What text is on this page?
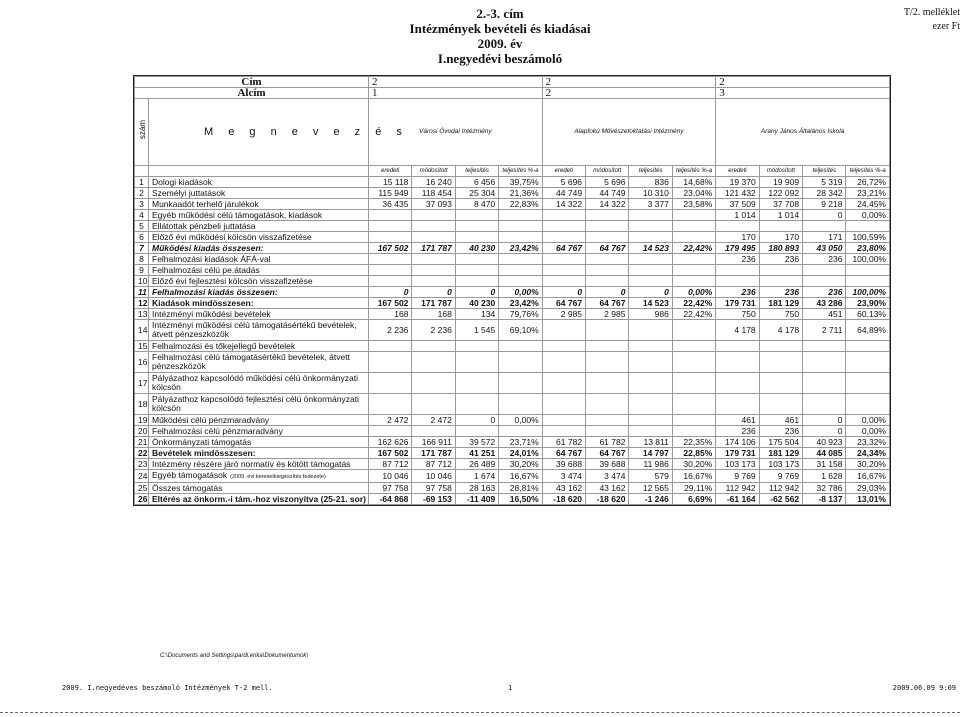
2.-3. cím
Intézmények bevételi és kiadásai
2009. év
I.negyedévi beszámoló
T/2. melléklet
ezer Ft
Cím		2				2				2			
Alcím		1				2				3			
szám	M e g n e v e z é s	Városi Óvodai Intézmény				Alapfokú Művészetoktatási Intézmény				Arany János Általános Iskola			
		eredeti	módosított	teljesítés	teljesítés %-a	eredeti	módosított	teljesítés	teljesítés %-a	eredeti	módosított	teljesítés	teljesítés %-a
1	Dologi kiadások	15 118	16 240	6 456	39,75%	5 696	5 696	836	14,68%	19 370	19 909	5 319	26,72%
2	Személyi juttatások	115 949	118 454	25 304	21,36%	44 749	44 749	10 310	23,04%	121 432	122 092	28 342	23,21%
3	Munkaadót terhelő járulékok	36 435	37 093	8 470	22,83%	14 322	14 322	3 377	23,58%	37 509	37 708	9 218	24,45%
4	Egyéb működési célú támogatások, kiadások									1 014	1 014	0	0,00%
5	Ellátottak pénzbeli juttatása												
6	Előző évi működési kölcsön visszafizetése									170	170	171	100,59%
7	Működési kiadás összesen:	167 502	171 787	40 230	23,42%	64 767	64 767	14 523	22,42%	179 495	180 893	43 050	23,80%
8	Felhalmozási kiadások ÁFÁ-val									236	236	236	100,00%
9	Felhalmozási célú pe.átadás												
10	Előző évi fejlesztési kölcsön visszafizetése												
11	Felhalmozási kiadás összesen:	0	0	0	0,00%	0	0	0	0,00%	236	236	236	100,00%
12	Kiadások mindösszesen:	167 502	171 787	40 230	23,42%	64 767	64 767	14 523	22,42%	179 731	181 129	43 286	23,90%
13	Intézményi működési bevételek	168	168	134	79,76%	2 985	2 985	986	22,42%	750	750	451	60,13%
14	Intézményi működési célú támogatásértékű bevételek, átvett pénzeszközök	2 236	2 236	1 545	69,10%					4 178	4 178	2 711	64,89%
15	Felhalmozási és tőkejellegű bevételek												
16	Felhalmozási célú támogatásértékű bevételek, átvett pénzeszközök												
17	Pályázathoz kapcsolódó működési célú önkormányzati kölcsön												
18	Pályázathoz kapcsolódó fejlesztési célú önkormányzati kölcsön												
19	Működési célú pénzmaradvány	2 472	2 472	0	0,00%					461	461	0	0,00%
20	Felhalmozási célú pénzmaradvány									236	236	0	0,00%
21	Önkormányzati támogatás	162 626	166 911	39 572	23,71%	61 782	61 782	13 811	22,35%	174 106	175 504	40 923	23,32%
22	Bevételek mindösszesen:	167 502	171 787	41 251	24,01%	64 767	64 767	14 797	22,85%	179 731	181 129	44 085	24,34%
23	Intézmény részére járó normatív és kötött támogatás	87 712	87 712	26 489	30,20%	39 688	39 688	11 986	30,20%	103 173	103 173	31 158	30,20%
24	Egyéb támogatások (2009. évi keresetkiegészítés fedezete)	10 046	10 046	1 674	16,67%	3 474	3 474	579	16,67%	9 769	9 769	1 628	16,67%
25	Összes támogatás	97 758	97 758	28 163	28,81%	43 162	43 162	12 565	29,11%	112 942	112 942	32 786	29,03%
26	Eltérés az önkorm.-i tám.-hoz viszonyítva (25-21. sor)	-64 868	-69 153	-11 409	16,50%	-18 620	-18 620	-1 246	6,69%	-61 164	-62 562	-8 137	13,01%
C:\Documents and Settings\pardi.erika\Dokumentumok\
2009. I.negyedéves beszámoló Intézmények T-2 mell.	1	2009.06.09 9:09
